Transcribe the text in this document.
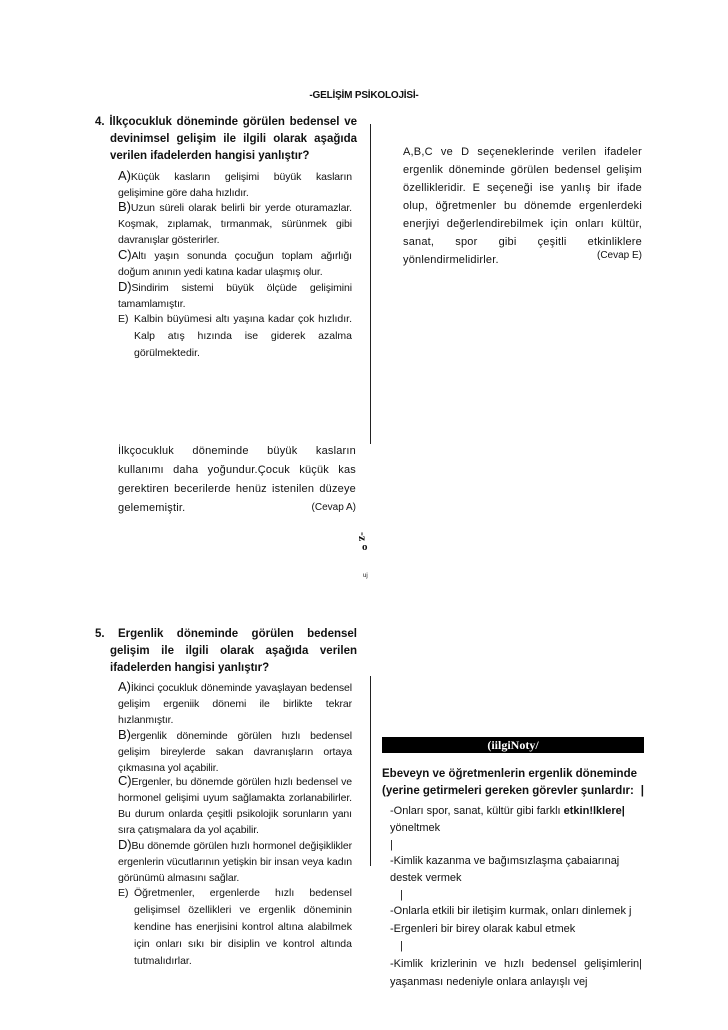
-GELİŞİM PSİKOLOJİSİ-
4. İlkçocukluk döneminde görülen bedensel ve devinimsel gelişim ile ilgili olarak aşağıda verilen ifadelerden hangisi yanlıştır?
A)Küçük kasların gelişimi büyük kasların gelişimine göre daha hızlıdır.
B)Uzun süreli olarak belirli bir yerde oturamazlar. Koşmak, zıplamak, tırmanmak, sürünmek gibi davranışlar gösterirler.
C)Altı yaşın sonunda çocuğun toplam ağırlığı doğum anının yedi katına kadar ulaşmış olur.
D)Sindirim sistemi büyük ölçüde gelişimini tamamlamıştır.
E) Kalbin büyümesi altı yaşına kadar çok hızlıdır. Kalp atış hızında ise giderek azalma görülmektedir.
İlkçocukluk döneminde büyük kasların kullanımı daha yoğundur.Çocuk küçük kas gerektiren becerilerde henüz istenilen düzeye gelememiştir.	(Cevap A)
A,B,C ve D seçeneklerinde verilen ifadeler ergenlik döneminde görülen bedensel gelişim özellikleridir. E seçeneği ise yanlış bir ifade olup, öğretmenler bu dönemde ergenlerdeki enerjiyi değerlendirebilmek için onları kültür, sanat, spor gibi çeşitli etkinliklere yönlendirmelidirler.	(Cevap E)
-z
o
uj
5. Ergenlik döneminde görülen bedensel gelişim ile ilgili olarak aşağıda verilen ifadelerden hangisi yanlıştır?
A)İkinci çocukluk döneminde yavaşlayan bedensel gelişim ergeniik dönemi ile birlikte tekrar hızlanmıştır.
B)ergenlik döneminde görülen hızlı bedensel gelişim bireylerde sakan davranışların ortaya çıkmasına yol açabilir.
C)Ergenler, bu dönemde görülen hızlı bedensel ve hormonel gelişimi uyum sağlamakta zorlanabilirler. Bu durum onlarda çeşitli psikolojik sorunların yanı sıra çatışmalara da yol açabilir.
D)Bu dönemde görülen hızlı hormonel değişiklikler ergenlerin vücutlarının yetişkin bir insan veya kadın görünümü almasını sağlar.
E) Öğretmenler, ergenlerde hızlı bedensel gelişimsel özellikleri ve ergenlik döneminin kendine has enerjisini kontrol altına alabilmek için onları sıkı bir disiplin ve kontrol altında tutmalıdırlar.
(iilgiNoty/
Ebeveyn ve öğretmenlerin ergenlik döneminde
(yerine getirmeleri gereken görevler şunlardır: |
-Onları spor, sanat, kültür gibi farklı etkin!lklere| yöneltmek
|
-Kimlik kazanma ve bağımsızlaşma çabaiarınaj destek vermek
|
-Onlarla etkili bir iletişim kurmak, onları dinlemek j
-Ergenleri bir birey olarak kabul etmek
|
-Kimlik krizlerinin ve hızlı bedensel gelişimlerin| yaşanması nedeniyle onlara anlayışlı vej
